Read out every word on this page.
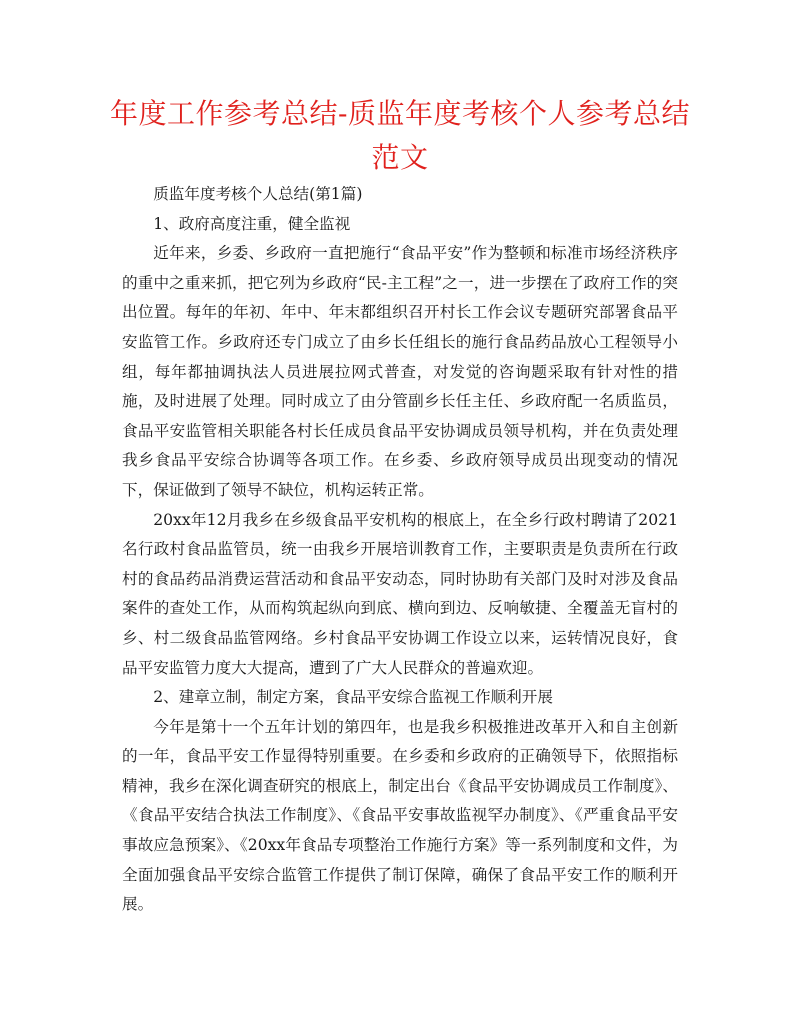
年度工作参考总结-质监年度考核个人参考总结范文

质监年度考核个人总结(第1篇)

1、政府高度注重，健全监视

近年来，乡委、乡政府一直把施行“食品平安”作为整顿和标准市场经济秩序的重中之重来抓，把它列为乡政府“民-主工程”之一，进一步摆在了政府工作的突出位置。每年的年初、年中、年末都组织召开村长工作会议专题研究部署食品平安监管工作。乡政府还专门成立了由乡长任组长的施行食品药品放心工程领导小组，每年都抽调执法人员进展拉网式普查，对发觉的咨询题采取有针对性的措施，及时进展了处理。同时成立了由分管副乡长任主任、乡政府配一名质监员，食品平安监管相关职能各村长任成员食品平安协调成员领导机构，并在负责处理我乡食品平安综合协调等各项工作。在乡委、乡政府领导成员出现变动的情况下，保证做到了领导不缺位，机构运转正常。

20xx年12月我乡在乡级食品平安机构的根底上，在全乡行政村聘请了2021名行政村食品监管员，统一由我乡开展培训教育工作，主要职责是负责所在行政村的食品药品消费运营活动和食品平安动态，同时协助有关部门及时对涉及食品案件的查处工作，从而构筑起纵向到底、横向到边、反响敏捷、全覆盖无盲村的乡、村二级食品监管网络。乡村食品平安协调工作设立以来，运转情况良好，食品平安监管力度大大提高，遭到了广大人民群众的普遍欢迎。

2、建章立制，制定方案，食品平安综合监视工作顺利开展

今年是第十一个五年计划的第四年，也是我乡积极推进改革开入和自主创新的一年，食品平安工作显得特别重要。在乡委和乡政府的正确领导下，依照指标精神，我乡在深化调查研究的根底上，制定出台《食品平安协调成员工作制度》、《食品平安结合执法工作制度》、《食品平安事故监视罕办制度》、《严重食品平安事故应急预案》、《20xx年食品专项整治工作施行方案》等一系列制度和文件，为全面加强食品平安综合监管工作提供了制订保障，确保了食品平安工作的顺利开展。
